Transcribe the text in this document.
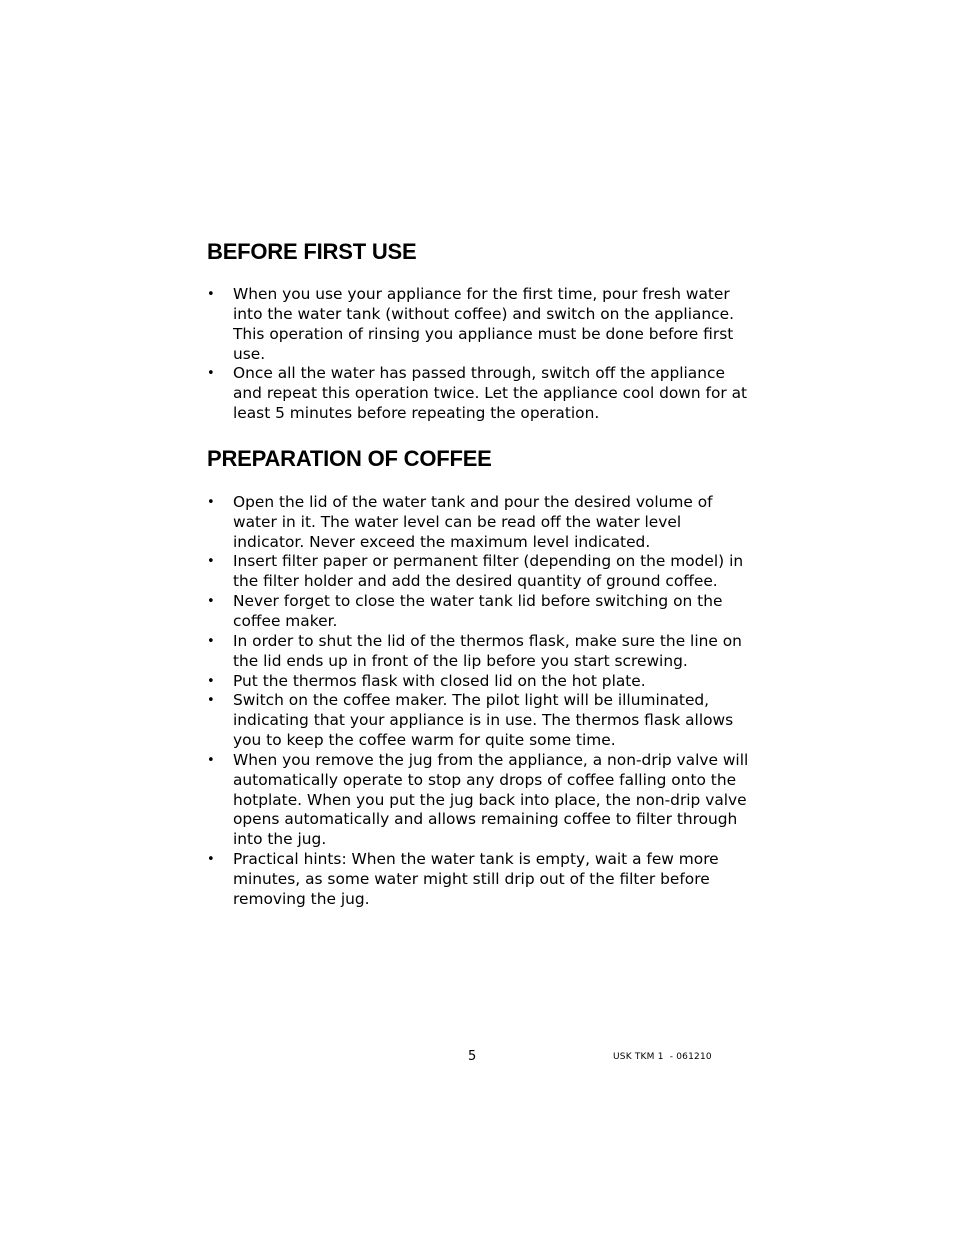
BEFORE FIRST USE
• When you use your appliance for the first time, pour fresh water into the water tank (without coffee) and switch on the appliance. This operation of rinsing you appliance must be done before first use.
• Once all the water has passed through, switch off the appliance and repeat this operation twice. Let the appliance cool down for at least 5 minutes before repeating the operation.
PREPARATION OF COFFEE
• Open the lid of the water tank and pour the desired volume of water in it. The water level can be read off the water level indicator. Never exceed the maximum level indicated.
• Insert filter paper or permanent filter (depending on the model) in the filter holder and add the desired quantity of ground coffee.
• Never forget to close the water tank lid before switching on the coffee maker.
• In order to shut the lid of the thermos flask, make sure the line on the lid ends up in front of the lip before you start screwing.
• Put the thermos flask with closed lid on the hot plate.
• Switch on the coffee maker. The pilot light will be illuminated, indicating that your appliance is in use. The thermos flask allows you to keep the coffee warm for quite some time.
• When you remove the jug from the appliance, a non-drip valve will automatically operate to stop any drops of coffee falling onto the hotplate. When you put the jug back into place, the non-drip valve opens automatically and allows remaining coffee to filter through into the jug.
• Practical hints: When the water tank is empty, wait a few more minutes, as some water might still drip out of the filter before removing the jug.
5	USK TKM 1  - 061210
